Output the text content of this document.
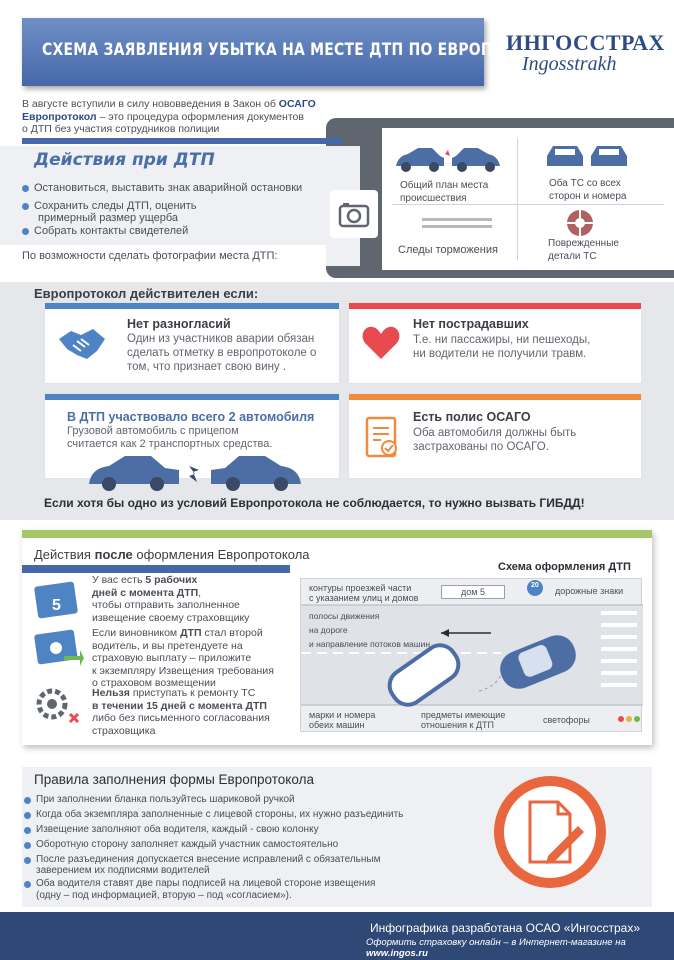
СХЕМА ЗАЯВЛЕНИЯ УБЫТКА НА МЕСТЕ ДТП ПО ЕВРОПРОТОКОЛУ
ИНГОССТРАХ
Ingosstrakh
В августе вступили в силу нововведения в Закон об ОСАГО
Европротокол – это процедура оформления документов
о ДТП без участия сотрудников полиции
Общий план места
происшествия
Оба ТС со всех
сторон и номера
Следы торможения
Поврежденные
детали ТС
Действия при ДТП
Остановиться, выставить знак аварийной остановки
Сохранить следы ДТП, оценить
примерный размер ущерба
Собрать контакты свидетелей
По возможности сделать фотографии места ДТП:
Европротокол действителен если:
Нет разногласий

Один из участников аварии обязан
сделать отметку в европротоколе о
том, что признает свою вину .

Нет пострадавших

Т.е. ни пассажиры, ни пешеходы,
ни водители не получили травм.

В ДТП участвовало всего 2 автомобиля

Грузовой автомобиль с прицепом
считается как 2 транспортных средства.

Есть полис ОСАГО

Оба автомобиля должны быть
застрахованы по ОСАГО.

Если хотя бы одно из условий Европротокола не соблюдается, то нужно вызвать ГИБДД!
Действия после оформления Европротокола
5
У вас есть 5 рабочих
дней с момента ДТП,
чтобы отправить заполненное
извещение своему страховщику
Если виновником ДТП стал второй
водитель, и вы претендуете на
страховую выплату – приложите
к экземпляру Извещения требования
о страховом возмещении
Нельзя приступать к ремонту ТС
в течении 15 дней с момента ДТП
либо без письменного согласования
страховщика
Схема оформления ДТП
20
контуры проезжей части
с указанием улиц и домов
дом 5	дорожные знаки
полосы движения
на дороге
и направление потоков машин
марки и номера
обеих машин
предметы имеющие
отношения к ДТП	светофоры
Правила заполнения формы Европротокола
При заполнении бланка пользуйтесь шариковой ручкой
Когда оба экземпляра заполненные с лицевой стороны, их нужно разъединить
Извещение заполняют оба водителя, каждый - свою колонку
Оборотную сторону заполняет каждый участник самостоятельно
После разъединения допускается внесение исправлений с обязательным
заверением их подписями водителей
Оба водителя ставят две пары подписей на лицевой стороне извещения
(одну – под информацией, вторую – под «согласием»).
Инфографика разработана ОСАО «Ингосстрах»
Оформить страховку онлайн – в Интернет-магазине на www.ingos.ru
